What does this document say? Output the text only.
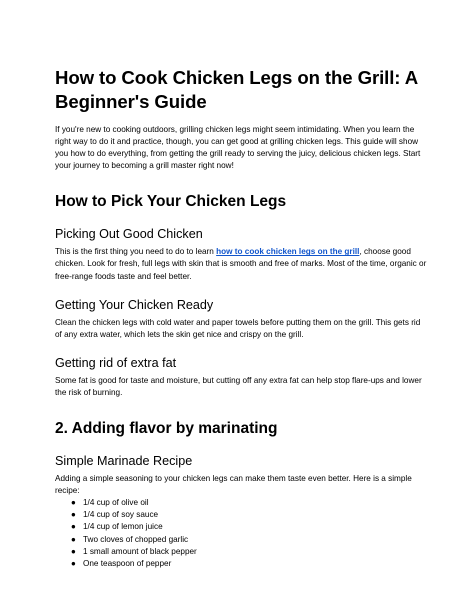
How to Cook Chicken Legs on the Grill: A Beginner's Guide

If you're new to cooking outdoors, grilling chicken legs might seem intimidating. When you learn the right way to do it and practice, though, you can get good at grilling chicken legs. This guide will show you how to do everything, from getting the grill ready to serving the juicy, delicious chicken legs. Start your journey to becoming a grill master right now!

How to Pick Your Chicken Legs
Picking Out Good Chicken

This is the first thing you need to do to learn how to cook chicken legs on the grill, choose good chicken. Look for fresh, full legs with skin that is smooth and free of marks. Most of the time, organic or free-range foods taste and feel better.

Getting Your Chicken Ready

Clean the chicken legs with cold water and paper towels before putting them on the grill. This gets rid of any extra water, which lets the skin get nice and crispy on the grill.

Getting rid of extra fat

Some fat is good for taste and moisture, but cutting off any extra fat can help stop flare-ups and lower the risk of burning.

2. Adding flavor by marinating
Simple Marinade Recipe

Adding a simple seasoning to your chicken legs can make them taste even better. Here is a simple recipe:

● 1/4 cup of olive oil
● 1/4 cup of soy sauce
● 1/4 cup of lemon juice
● Two cloves of chopped garlic
● 1 small amount of black pepper
● One teaspoon of pepper
